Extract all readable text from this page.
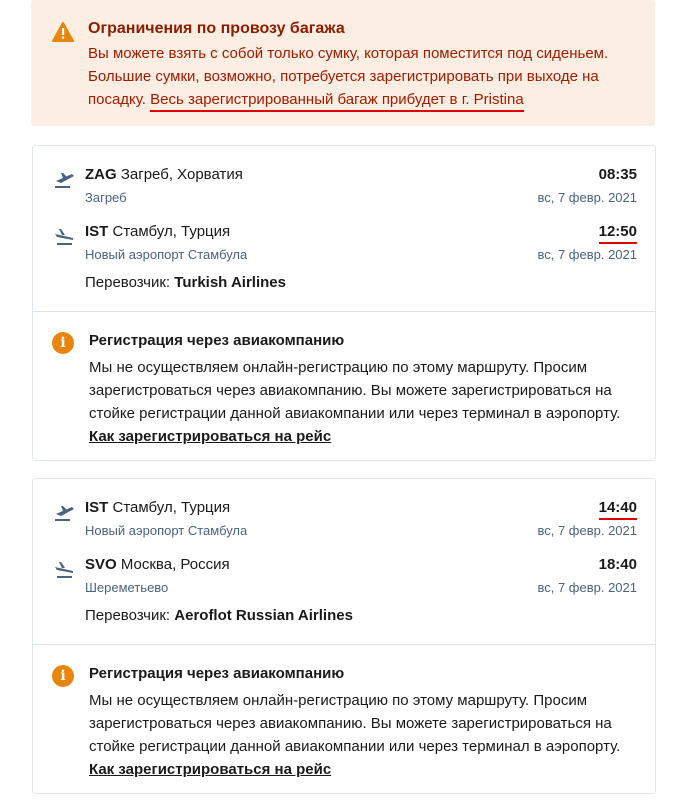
Ограничения по провозу багажа
Вы можете взять с собой только сумку, которая поместится под сиденьем. Большие сумки, возможно, потребуется зарегистрировать при выходе на посадку. Весь зарегистрированный багаж прибудет в г. Pristina
ZAG Загреб, Хорватия
Загреб
08:35
вс, 7 февр. 2021
IST Стамбул, Турция
Новый аэропорт Стамбула
12:50
вс, 7 февр. 2021
Перевозчик: Turkish Airlines
i	Регистрация через авиакомпанию
Мы не осуществляем онлайн-регистрацию по этому маршруту. Просим зарегистроваться через авиакомпанию. Вы можете зарегистрироваться на стойке регистрации данной авиакомпании или через терминал в аэропорту.
Как зарегистрироваться на рейс
IST Стамбул, Турция
Новый аэропорт Стамбула
14:40
вс, 7 февр. 2021
SVO Москва, Россия
Шереметьево
18:40
вс, 7 февр. 2021
Перевозчик: Aeroflot Russian Airlines
i	Регистрация через авиакомпанию
Мы не осуществляем онлайн-регистрацию по этому маршруту. Просим зарегистроваться через авиакомпанию. Вы можете зарегистрироваться на стойке регистрации данной авиакомпании или через терминал в аэропорту.
Как зарегистрироваться на рейс
